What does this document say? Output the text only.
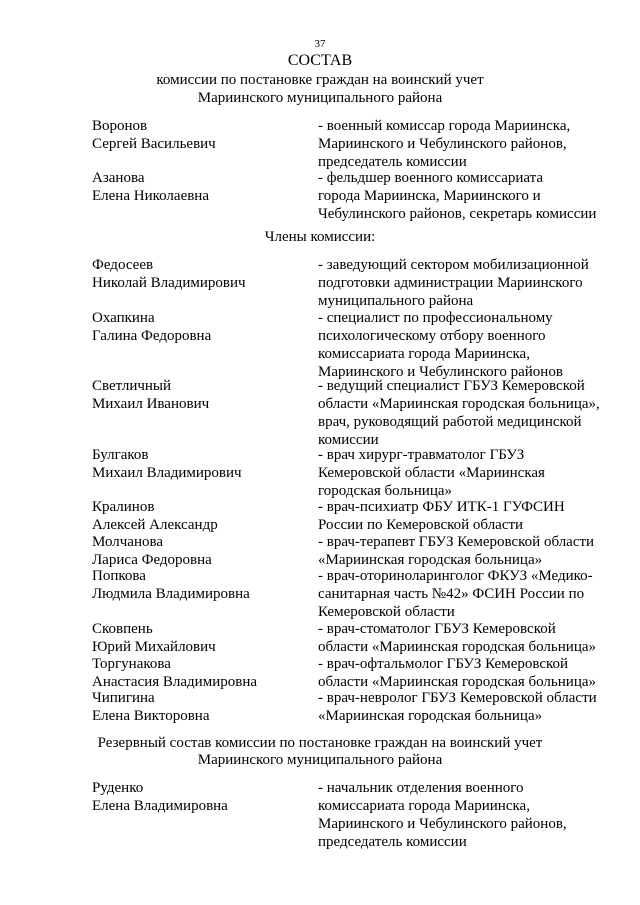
37
СОСТАВ
комиссии по постановке граждан на воинский учет
Мариинского муниципального района
Воронов
Сергей Васильевич
- военный комиссар города Мариинска,
Мариинского и Чебулинского районов,
председатель комиссии
Азанова
Елена Николаевна
- фельдшер военного комиссариата
города Мариинска, Мариинского и
Чебулинского районов, секретарь комиссии
Члены комиссии:
Федосеев
Николай Владимирович
- заведующий сектором мобилизационной
подготовки администрации Мариинского
муниципального района
Охапкина
Галина Федоровна
- специалист по профессиональному
психологическому отбору военного
комиссариата города Мариинска,
Мариинского и Чебулинского районов
Светличный
Михаил Иванович
- ведущий специалист ГБУЗ Кемеровской
области «Мариинская городская больница»,
врач, руководящий работой медицинской
комиссии
Булгаков
Михаил Владимирович
- врач хирург-травматолог ГБУЗ
Кемеровской области «Мариинская
городская больница»
Кралинов
Алексей Александр
- врач-психиатр ФБУ ИТК-1 ГУФСИН
России по Кемеровской области
Молчанова
Лариса Федоровна
- врач-терапевт ГБУЗ Кемеровской области
«Мариинская городская больница»
Попкова
Людмила Владимировна
- врач-оториноларинголог ФКУЗ «Медико-
санитарная часть №42» ФСИН России по
Кемеровской области
Сковпень
Юрий Михайлович
- врач-стоматолог ГБУЗ Кемеровской
области «Мариинская городская больница»
Торгунакова
Анастасия Владимировна
- врач-офтальмолог ГБУЗ Кемеровской
области «Мариинская городская больница»
Чипигина
Елена Викторовна
- врач-невролог ГБУЗ Кемеровской области
«Мариинская городская больница»
Резервный состав комиссии по постановке граждан на воинский учет
Мариинского муниципального района
Руденко
Елена Владимировна
- начальник отделения военного
комиссариата города Мариинска,
Мариинского и Чебулинского районов,
председатель комиссии
